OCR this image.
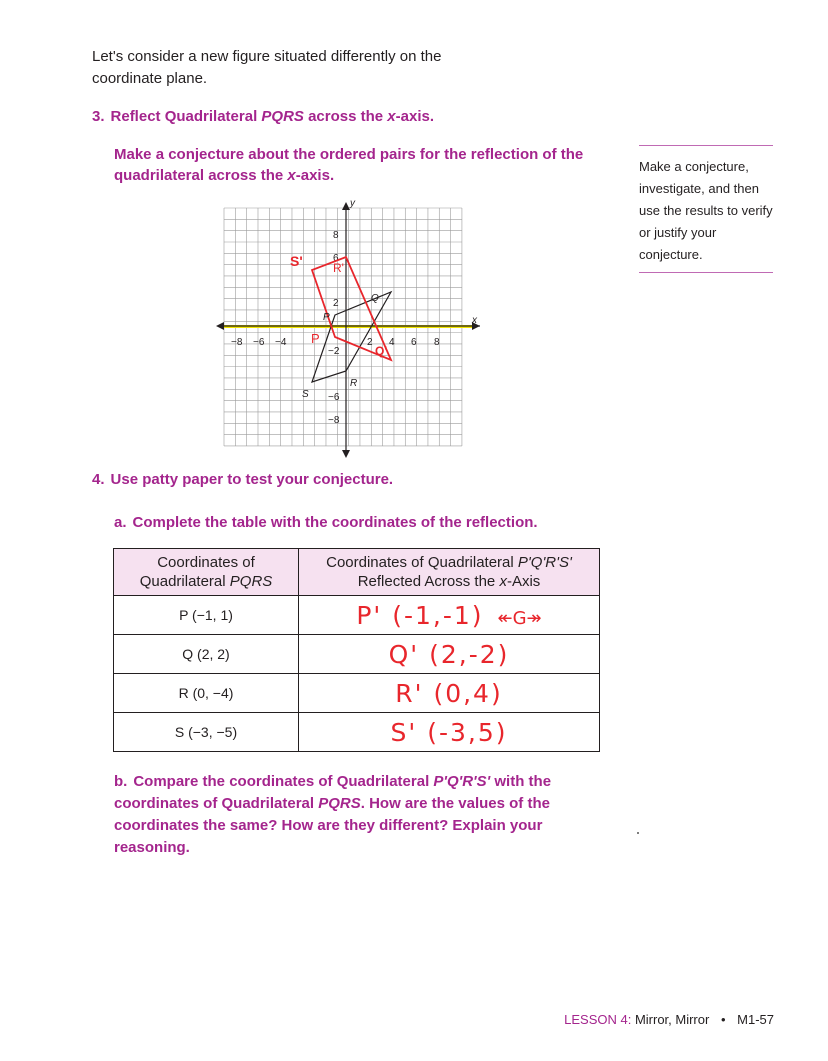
Let's consider a new figure situated differently on the coordinate plane.
3. Reflect Quadrilateral PQRS across the x-axis.
Make a conjecture about the ordered pairs for the reflection of the quadrilateral across the x-axis.
Make a conjecture, investigate, and then use the results to verify or justify your conjecture.
x
y
−8 −6 −4	2 4 6 8
8
6
2
−2
−6
−8
P
Q
R
S
P
Q'
R'
S'
4. Use patty paper to test your conjecture.
a. Complete the table with the coordinates of the reflection.
Coordinates of
Quadrilateral PQRS	Coordinates of Quadrilateral P'Q'R'S'
Reflected Across the x-Axis
P (−1, 1)	P' (-1,-1) ↞G↠
Q (2, 2)	Q' (2,-2)
R (0, −4)	R' (0,4)
S (−3, −5)	S' (-3,5)
b. Compare the coordinates of Quadrilateral P'Q'R'S' with the coordinates of Quadrilateral PQRS. How are the values of the coordinates the same? How are they different? Explain your reasoning.
LESSON 4: Mirror, Mirror • M1-57
